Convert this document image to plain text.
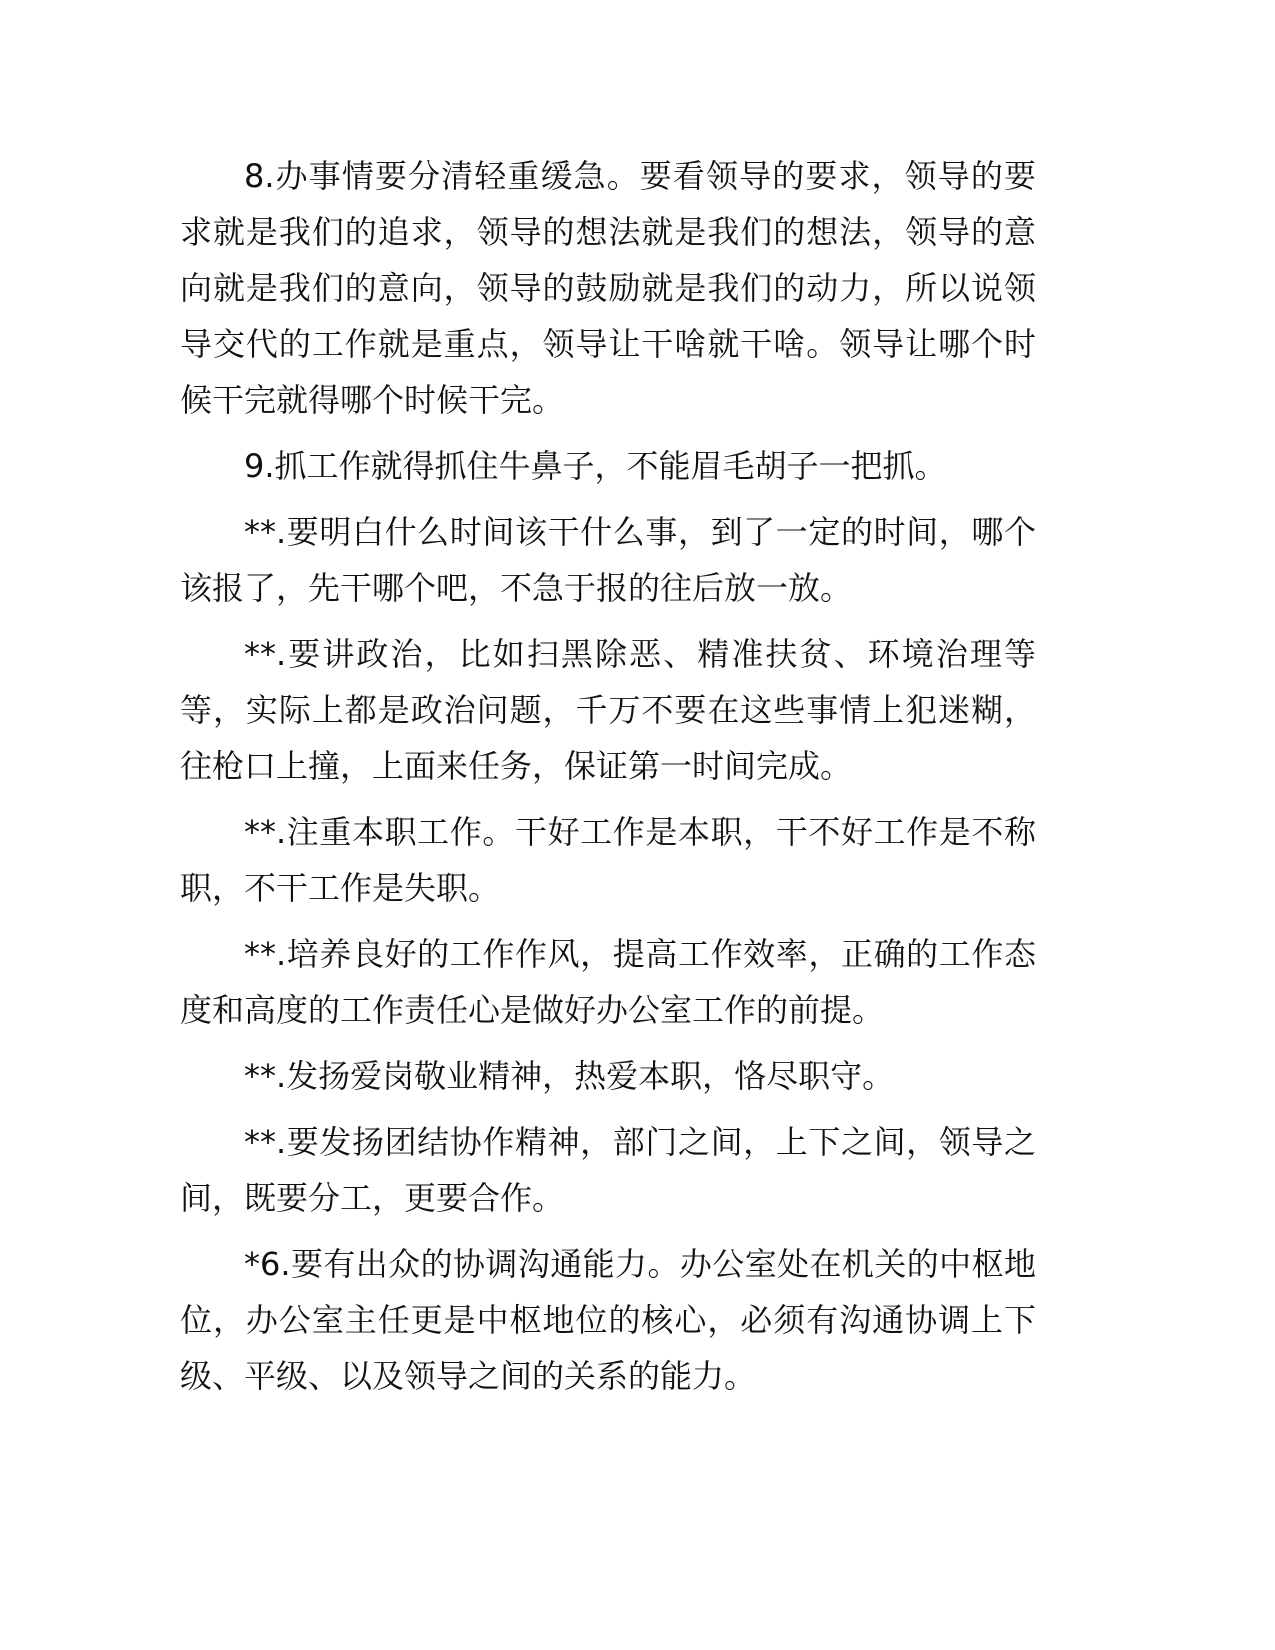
8.办事情要分清轻重缓急。要看领导的要求，领导的要求就是我们的追求，领导的想法就是我们的想法，领导的意向就是我们的意向，领导的鼓励就是我们的动力，所以说领导交代的工作就是重点，领导让干啥就干啥。领导让哪个时候干完就得哪个时候干完。

9.抓工作就得抓住牛鼻子，不能眉毛胡子一把抓。

**.要明白什么时间该干什么事，到了一定的时间，哪个该报了，先干哪个吧，不急于报的往后放一放。

**.要讲政治，比如扫黑除恶、精准扶贫、环境治理等等，实际上都是政治问题，千万不要在这些事情上犯迷糊，往枪口上撞，上面来任务，保证第一时间完成。

**.注重本职工作。干好工作是本职，干不好工作是不称职，不干工作是失职。

**.培养良好的工作作风，提高工作效率，正确的工作态度和高度的工作责任心是做好办公室工作的前提。

**.发扬爱岗敬业精神，热爱本职，恪尽职守。

**.要发扬团结协作精神，部门之间，上下之间，领导之间，既要分工，更要合作。

*6.要有出众的协调沟通能力。办公室处在机关的中枢地位，办公室主任更是中枢地位的核心，必须有沟通协调上下级、平级、以及领导之间的关系的能力。
